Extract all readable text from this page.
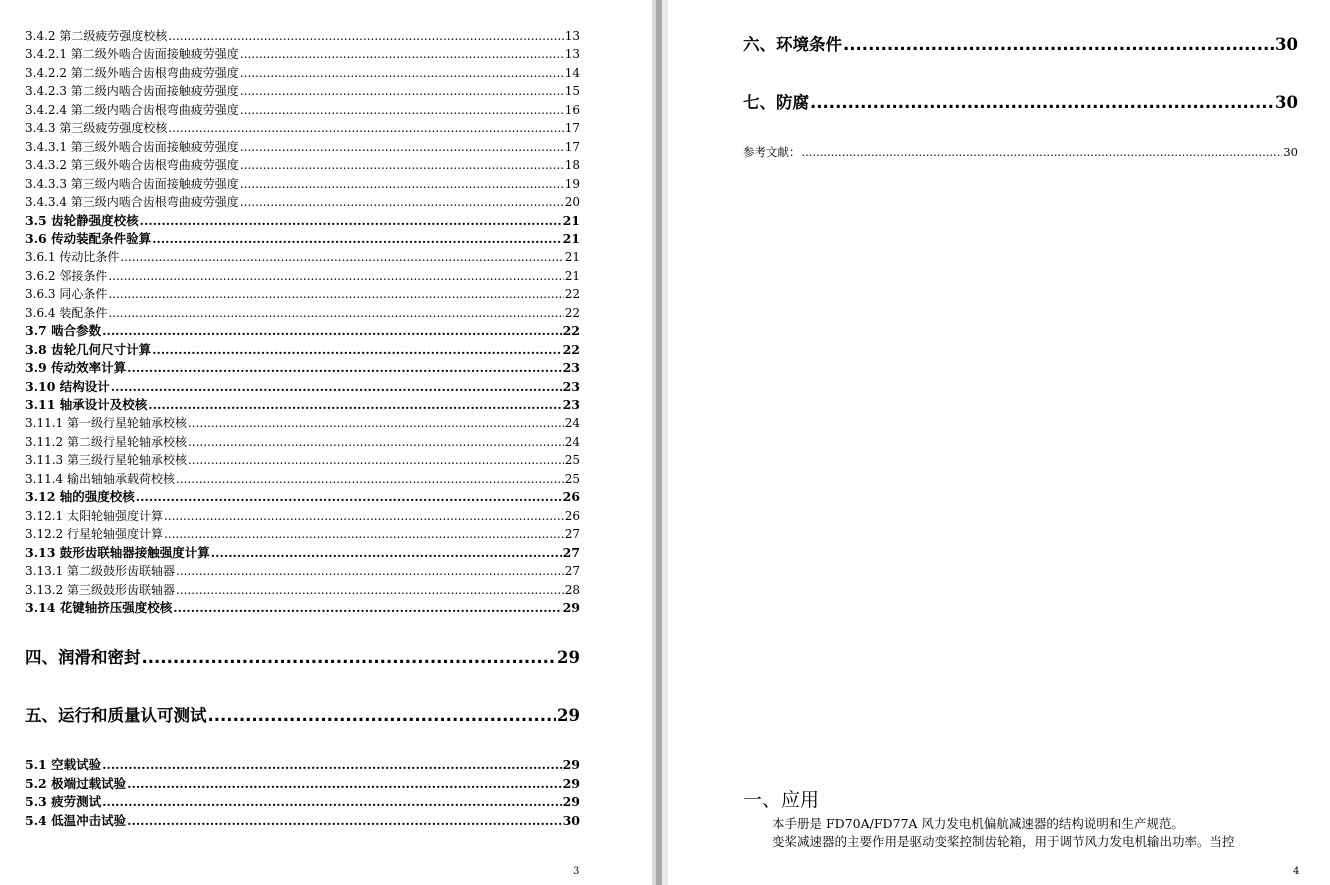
3.4.2 第二级疲劳强度校核 .....	13
3.4.2.1 第二级外啮合齿面接触疲劳强度 .....	13
3.4.2.2 第二级外啮合齿根弯曲疲劳强度 .....	14
3.4.2.3 第二级内啮合齿面接触疲劳强度 .....	15
3.4.2.4 第二级内啮合齿根弯曲疲劳强度 .....	16
3.4.3 第三级疲劳强度校核 .....	17
3.4.3.1 第三级外啮合齿面接触疲劳强度 .....	17
3.4.3.2 第三级外啮合齿根弯曲疲劳强度 .....	18
3.4.3.3 第三级内啮合齿面接触疲劳强度 .....	19
3.4.3.4 第三级内啮合齿根弯曲疲劳强度 .....	20
3.5 齿轮静强度校核 .....	21
3.6 传动装配条件验算 .....	21
3.6.1 传动比条件 .....	21
3.6.2 邻接条件 .....	21
3.6.3 同心条件 .....	22
3.6.4 装配条件 .....	22
3.7 啮合参数 .....	22
3.8 齿轮几何尺寸计算 .....	22
3.9 传动效率计算 .....	23
3.10 结构设计 .....	23
3.11 轴承设计及校核 .....	23
3.11.1 第一级行星轮轴承校核 .....	24
3.11.2 第二级行星轮轴承校核 .....	24
3.11.3 第三级行星轮轴承校核 .....	25
3.11.4 输出轴轴承载荷校核 .....	25
3.12 轴的强度校核 .....	26
3.12.1 太阳轮轴强度计算 .....	26
3.12.2 行星轮轴强度计算 .....	27
3.13 鼓形齿联轴器接触强度计算 .....	27
3.13.1 第二级鼓形齿联轴器 .....	27
3.13.2 第三级鼓形齿联轴器 .....	28
3.14 花键轴挤压强度校核 .....	29
四、润滑和密封 .....	29
五、运行和质量认可测试 .....	29
5.1 空载试验 .....	29
5.2 极端过载试验 .....	29
5.3 疲劳测试 .....	29
5.4 低温冲击试验 .....	30
3
六、环境条件 .....	30
七、防腐 .....	30
参考文献： .....	30
一、应用
本手册是 FD70A/FD77A 风力发电机偏航减速器的结构说明和生产规范。
变桨减速器的主要作用是驱动变桨控制齿轮箱，用于调节风力发电机输出功率。当控
4
